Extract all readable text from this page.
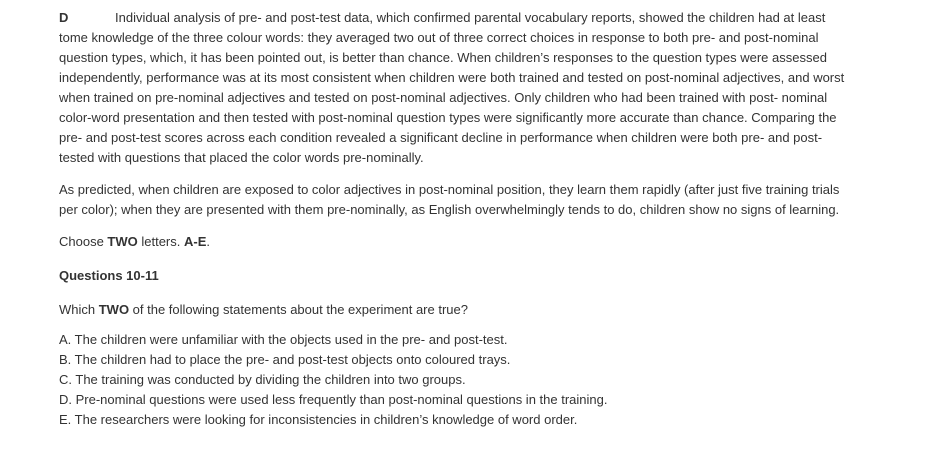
D	Individual analysis of pre- and post-test data, which confirmed parental vocabulary reports, showed the children had at least tome knowledge of the three colour words: they averaged two out of three correct choices in response to both pre- and post-nominal question types, which, it has been pointed out, is better than chance. When children’s responses to the question types were assessed independently, performance was at its most consistent when children were both trained and tested on post-nominal adjectives, and worst when trained on pre-nominal adjectives and tested on post-nominal adjectives. Only children who had been trained with post- nominal color-word presentation and then tested with post-nominal question types were significantly more accurate than chance. Comparing the pre- and post-test scores across each condition revealed a significant decline in performance when children were both pre- and post-tested with questions that placed the color words pre-nominally.

As predicted, when children are exposed to color adjectives in post-nominal position, they learn them rapidly (after just five training trials per color); when they are presented with them pre-nominally, as English overwhelmingly tends to do, children show no signs of learning.

Choose TWO letters. A-E.

Questions 10-11

Which TWO of the following statements about the experiment are true?

A. The children were unfamiliar with the objects used in the pre- and post-test.
B. The children had to place the pre- and post-test objects onto coloured trays.
C. The training was conducted by dividing the children into two groups.
D. Pre-nominal questions were used less frequently than post-nominal questions in the training.
E. The researchers were looking for inconsistencies in children’s knowledge of word order.
